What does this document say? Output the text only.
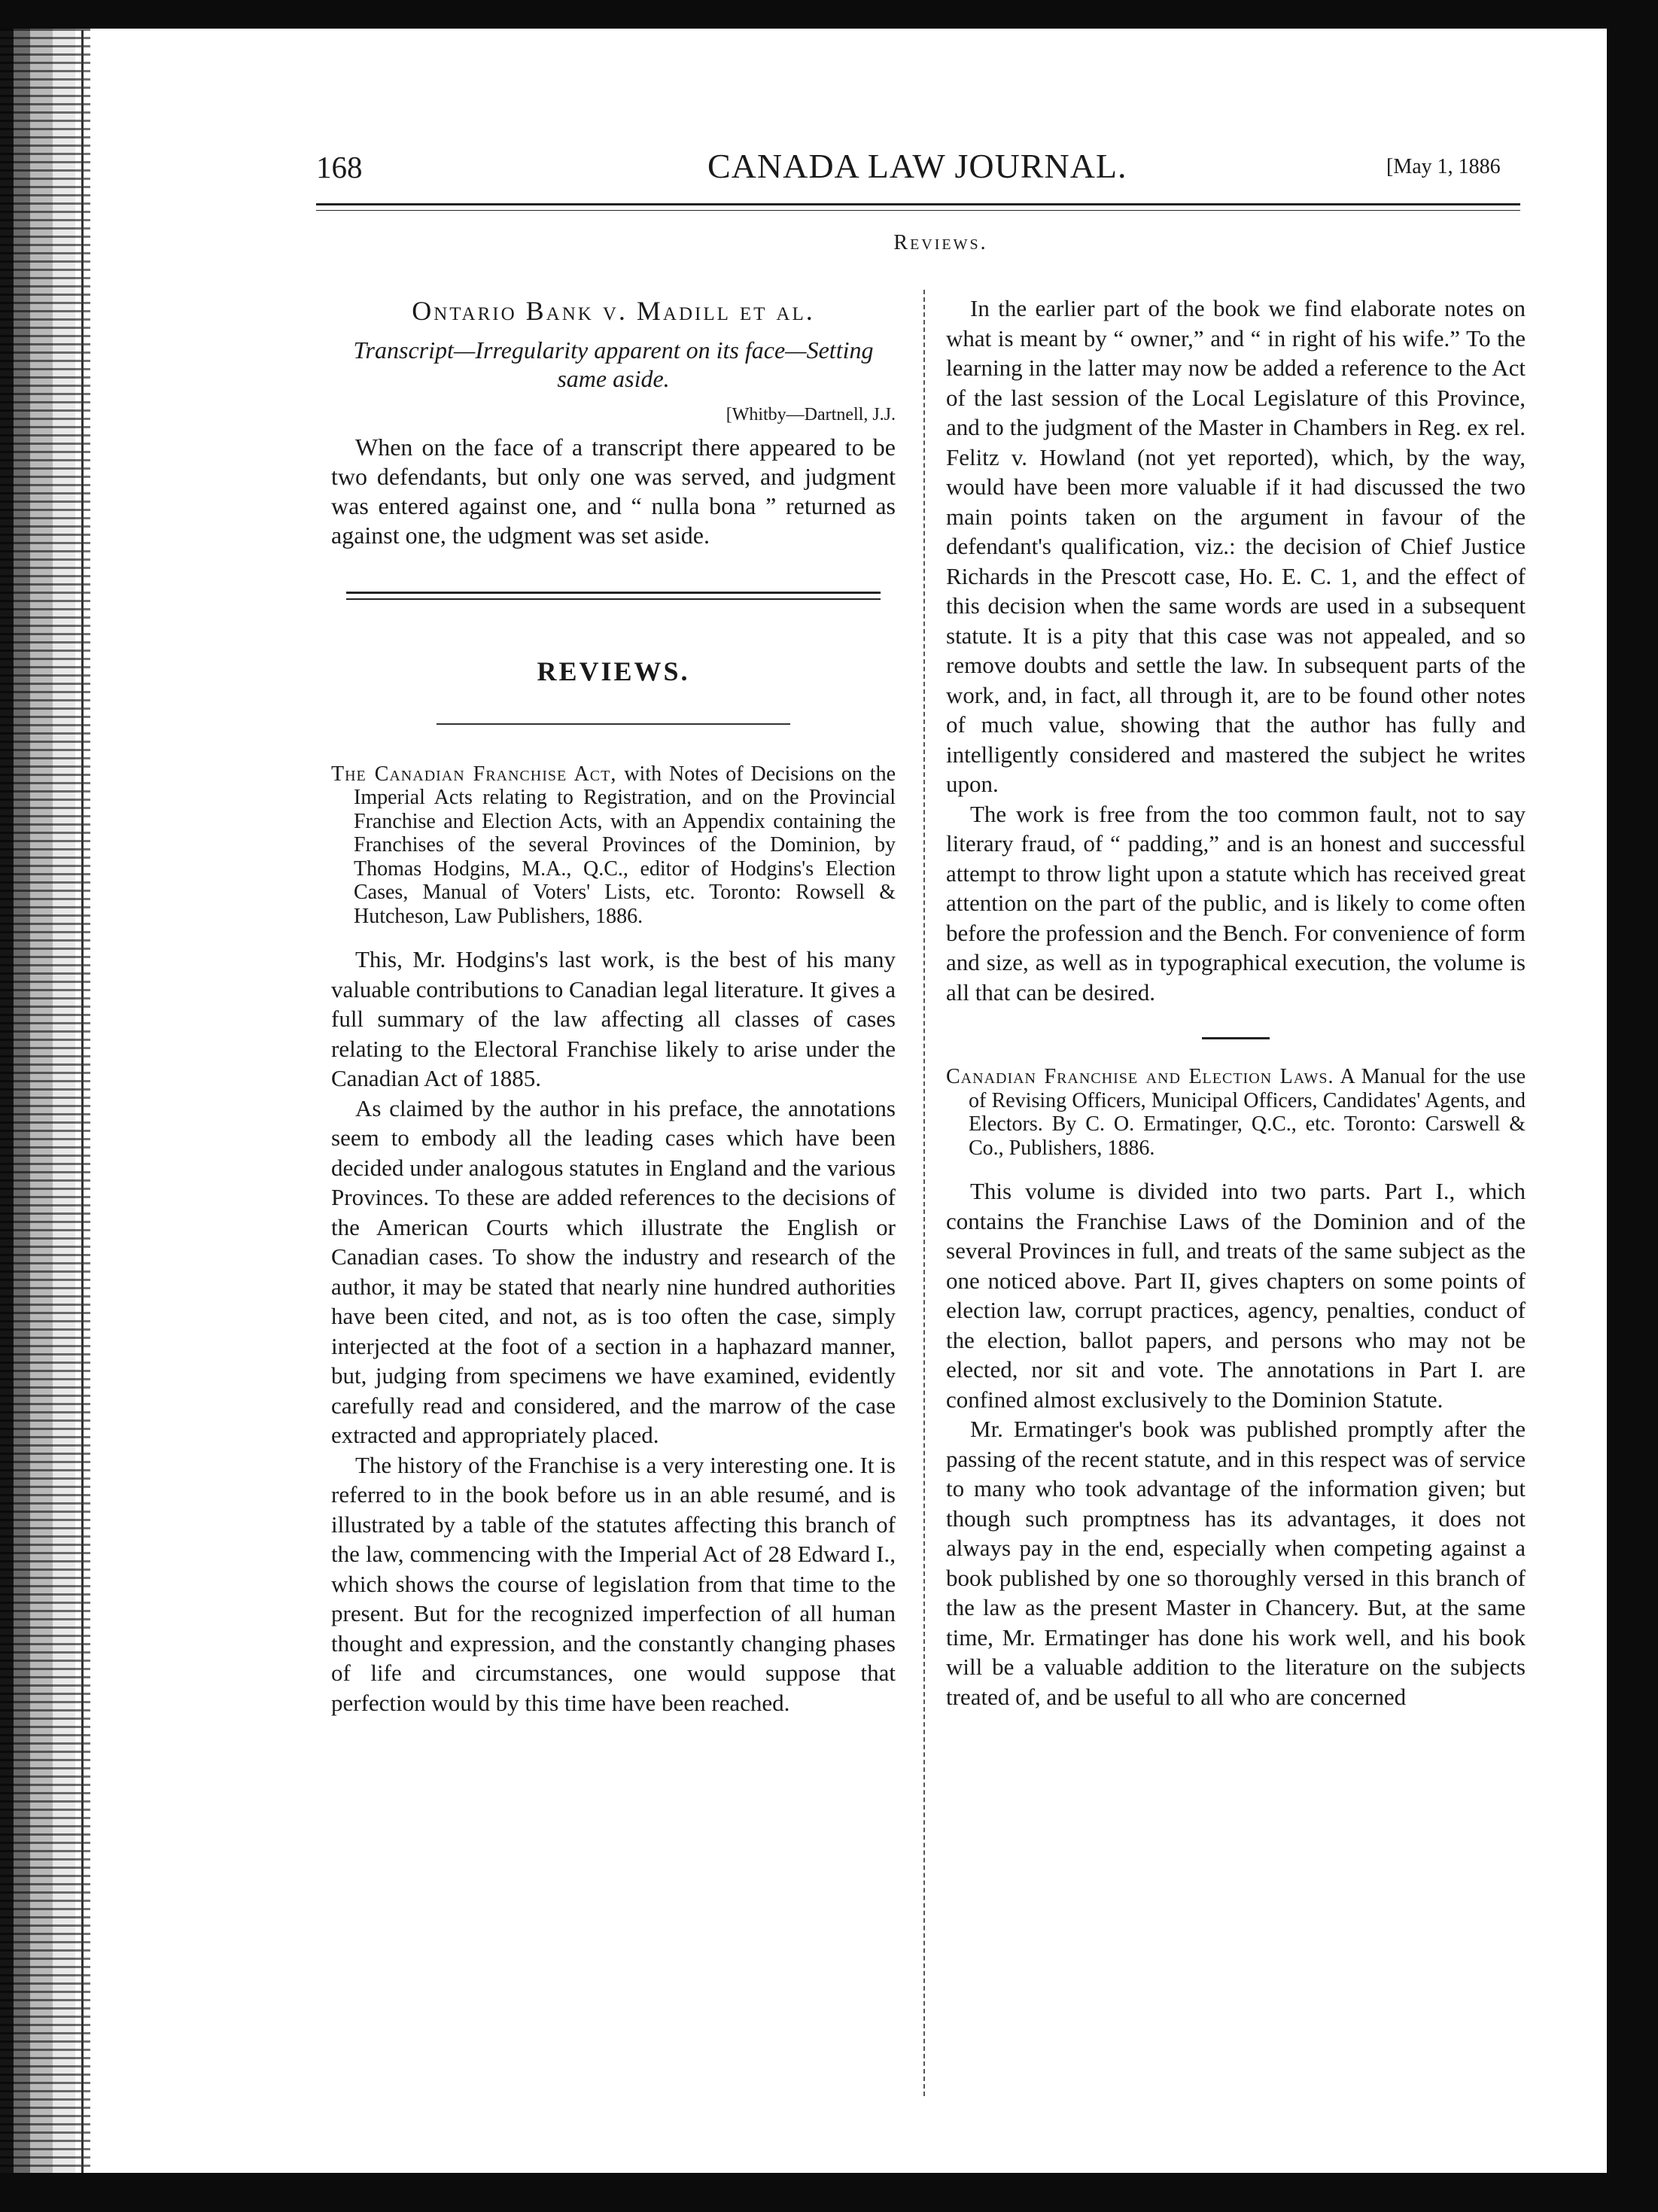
168	CANADA LAW JOURNAL.	[May 1, 1886
Reviews.
Ontario Bank v. Madill et al.
Transcript—Irregularity apparent on its face—Setting same aside.
[Whitby—Dartnell, J.J.

When on the face of a transcript there appeared to be two defendants, but only one was served, and judgment was entered against one, and “ nulla bona ” returned as against one, the udgment was set aside.

REVIEWS.

The Canadian Franchise Act, with Notes of Decisions on the Imperial Acts relating to Registration, and on the Provincial Franchise and Election Acts, with an Appendix containing the Franchises of the several Provinces of the Dominion, by Thomas Hodgins, M.A., Q.C., editor of Hodgins's Election Cases, Manual of Voters' Lists, etc. Toronto: Rowsell & Hutcheson, Law Publishers, 1886.

This, Mr. Hodgins's last work, is the best of his many valuable contributions to Canadian legal literature. It gives a full summary of the law affecting all classes of cases relating to the Electoral Franchise likely to arise under the Canadian Act of 1885.

As claimed by the author in his preface, the annotations seem to embody all the leading cases which have been decided under analogous statutes in England and the various Provinces. To these are added references to the decisions of the American Courts which illustrate the English or Canadian cases. To show the industry and research of the author, it may be stated that nearly nine hundred authorities have been cited, and not, as is too often the case, simply interjected at the foot of a section in a haphazard manner, but, judging from specimens we have examined, evidently carefully read and considered, and the marrow of the case extracted and appropriately placed.

The history of the Franchise is a very interesting one. It is referred to in the book before us in an able resumé, and is illustrated by a table of the statutes affecting this branch of the law, commencing with the Imperial Act of 28 Edward I., which shows the course of legislation from that time to the present. But for the recognized imperfection of all human thought and expression, and the constantly changing phases of life and circumstances, one would suppose that perfection would by this time have been reached.

In the earlier part of the book we find elaborate notes on what is meant by “ owner,” and “ in right of his wife.” To the learning in the latter may now be added a reference to the Act of the last session of the Local Legislature of this Province, and to the judgment of the Master in Chambers in Reg. ex rel. Felitz v. Howland (not yet reported), which, by the way, would have been more valuable if it had discussed the two main points taken on the argument in favour of the defendant's qualification, viz.: the decision of Chief Justice Richards in the Prescott case, Ho. E. C. 1, and the effect of this decision when the same words are used in a subsequent statute. It is a pity that this case was not appealed, and so remove doubts and settle the law. In subsequent parts of the work, and, in fact, all through it, are to be found other notes of much value, showing that the author has fully and intelligently considered and mastered the subject he writes upon.

The work is free from the too common fault, not to say literary fraud, of “ padding,” and is an honest and successful attempt to throw light upon a statute which has received great attention on the part of the public, and is likely to come often before the profession and the Bench. For convenience of form and size, as well as in typographical execution, the volume is all that can be desired.

Canadian Franchise and Election Laws. A Manual for the use of Revising Officers, Municipal Officers, Candidates' Agents, and Electors. By C. O. Ermatinger, Q.C., etc. Toronto: Carswell & Co., Publishers, 1886.

This volume is divided into two parts. Part I., which contains the Franchise Laws of the Dominion and of the several Provinces in full, and treats of the same subject as the one noticed above. Part II, gives chapters on some points of election law, corrupt practices, agency, penalties, conduct of the election, ballot papers, and persons who may not be elected, nor sit and vote. The annotations in Part I. are confined almost exclusively to the Dominion Statute.

Mr. Ermatinger's book was published promptly after the passing of the recent statute, and in this respect was of service to many who took advantage of the information given; but though such promptness has its advantages, it does not always pay in the end, especially when competing against a book published by one so thoroughly versed in this branch of the law as the present Master in Chancery. But, at the same time, Mr. Ermatinger has done his work well, and his book will be a valuable addition to the literature on the subjects treated of, and be useful to all who are concerned
